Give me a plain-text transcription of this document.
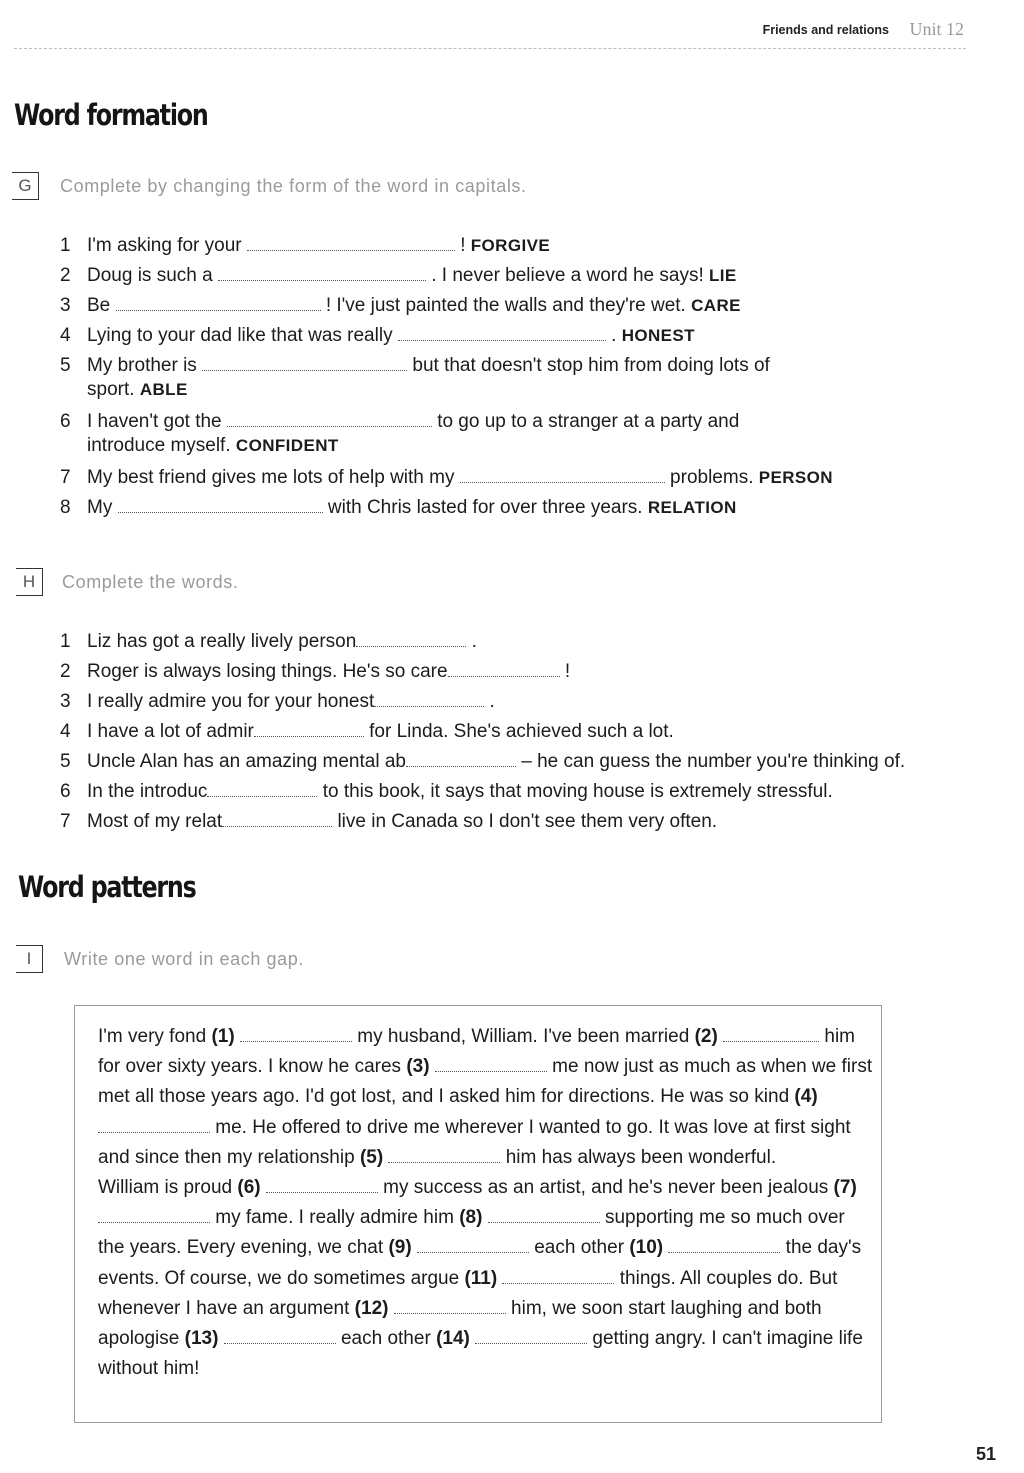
Friends and relations Unit 12
Word formation
G	Complete by changing the form of the word in capitals.
1 I'm asking for your	! FORGIVE
2 Doug is such a	. I never believe a word he says! LIE
3 Be	! I've just painted the walls and they're wet. CARE
4 Lying to your dad like that was really	. HONEST
5 My brother is	but that doesn't stop him from doing lots of
sport. ABLE
6 I haven't got the	to go up to a stranger at a party and
introduce myself. CONFIDENT
7 My best friend gives me lots of help with my	problems. PERSON
8 My	with Chris lasted for over three years. RELATION
H	Complete the words.
1 Liz has got a really lively person	.
2 Roger is always losing things. He's so care	!
3 I really admire you for your honest	.
4 I have a lot of admir	for Linda. She's achieved such a lot.
5 Uncle Alan has an amazing mental ab	– he can guess the number you're thinking of.
6 In the introduc	to this book, it says that moving house is extremely stressful.
7 Most of my relat	live in Canada so I don't see them very often.
Word patterns
I	Write one word in each gap.

I'm very fond (1)	my husband, William. I've been married (2)	him for over sixty years. I know he cares (3)	me now just as much as when we first met all those years ago. I'd got lost, and I asked him for directions. He was so kind (4)  me. He offered to drive me wherever I wanted to go. It was love at first sight and since then my relationship (5)	him has always been wonderful.
William is proud (6)	my success as an artist, and he's never been jealous (7)  my fame. I really admire him (8)	supporting me so much over the years. Every evening, we chat (9)	each other (10)	the day's events. Of course, we do sometimes argue (11)	things. All couples do. But whenever I have an argument (12)	him, we soon start laughing and both apologise (13)	each other (14)	getting angry. I can't imagine life without him!

51
